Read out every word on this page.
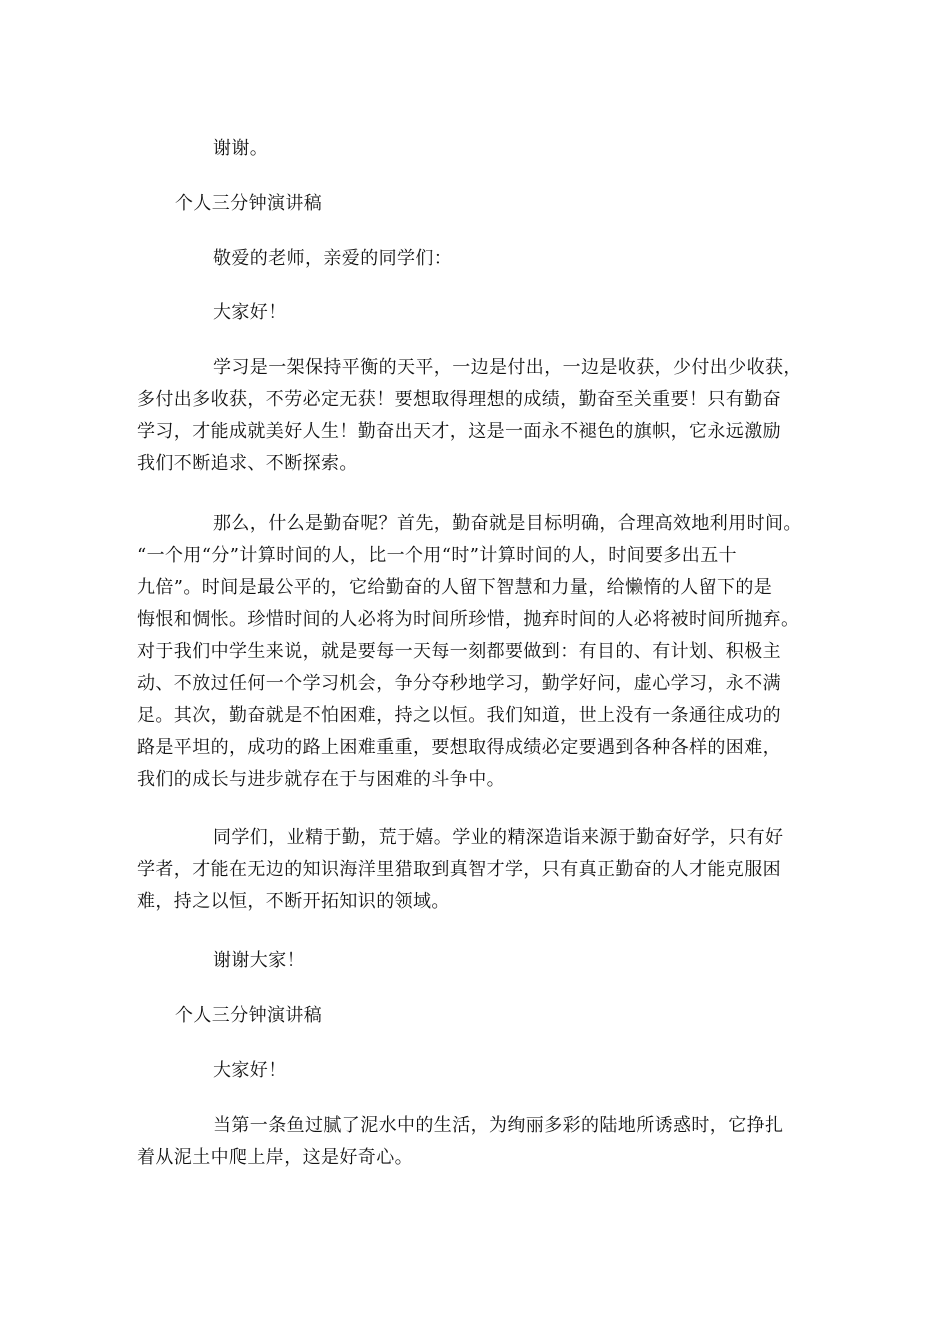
谢谢。

个人三分钟演讲稿

敬爱的老师，亲爱的同学们：

大家好！

学习是一架保持平衡的天平，一边是付出，一边是收获，少付出少收获，
多付出多收获，不劳必定无获！要想取得理想的成绩，勤奋至关重要！只有勤奋
学习，才能成就美好人生！勤奋出天才，这是一面永不褪色的旗帜，它永远激励
我们不断追求、不断探索。

那么，什么是勤奋呢？首先，勤奋就是目标明确，合理高效地利用时间。
“一个用“分”计算时间的人，比一个用“时”计算时间的人，时间要多出五十
九倍”。时间是最公平的，它给勤奋的人留下智慧和力量，给懒惰的人留下的是
悔恨和惆怅。珍惜时间的人必将为时间所珍惜，抛弃时间的人必将被时间所抛弃。
对于我们中学生来说，就是要每一天每一刻都要做到：有目的、有计划、积极主
动、不放过任何一个学习机会，争分夺秒地学习，勤学好问，虚心学习，永不满
足。其次，勤奋就是不怕困难，持之以恒。我们知道，世上没有一条通往成功的
路是平坦的，成功的路上困难重重，要想取得成绩必定要遇到各种各样的困难，
我们的成长与进步就存在于与困难的斗争中。

同学们，业精于勤，荒于嬉。学业的精深造诣来源于勤奋好学，只有好
学者，才能在无边的知识海洋里猎取到真智才学，只有真正勤奋的人才能克服困
难，持之以恒，不断开拓知识的领域。

谢谢大家！

个人三分钟演讲稿

大家好！

当第一条鱼过腻了泥水中的生活，为绚丽多彩的陆地所诱惑时，它挣扎
着从泥土中爬上岸，这是好奇心。
